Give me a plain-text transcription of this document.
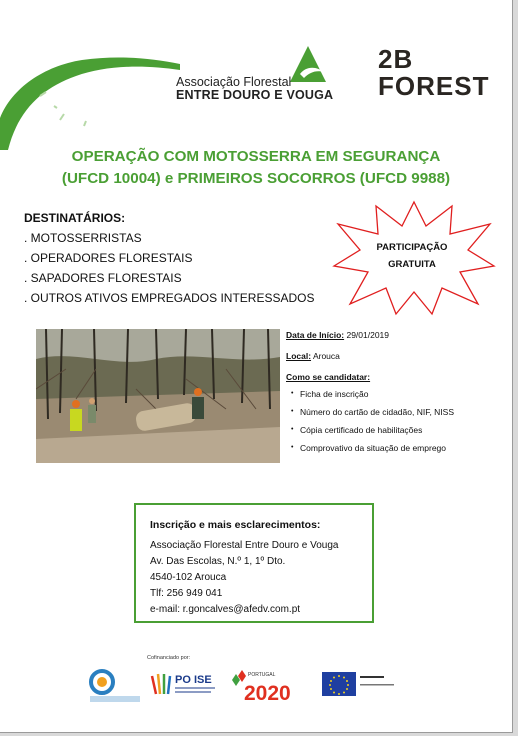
Associação Florestal
ENTRE DOURO E VOUGA
2B
FOREST
OPERAÇÃO COM MOTOSSERRA EM SEGURANÇA
(UFCD 10004) e PRIMEIROS SOCORROS (UFCD 9988)
DESTINATÁRIOS:
. MOTOSSERRISTAS
. OPERADORES FLORESTAIS
. SAPADORES FLORESTAIS
. OUTROS ATIVOS EMPREGADOS INTERESSADOS
PARTICIPAÇÃO
GRATUITA
Data de Início: 29/01/2019
Local: Arouca
Como se candidatar:
• Ficha de inscrição
• Número do cartão de cidadão, NIF, NISS
• Cópia certificado de habilitações
• Comprovativo da situação de emprego
Inscrição e mais esclarecimentos:
Associação Florestal Entre Douro e Vouga
Av. Das Escolas, N.º 1, 1º Dto.
4540-102 Arouca
Tlf: 256 949 041
e-mail: r.goncalves@afedv.com.pt
Cofinanciado por:
PO ISE	PORTUGAL
2020
